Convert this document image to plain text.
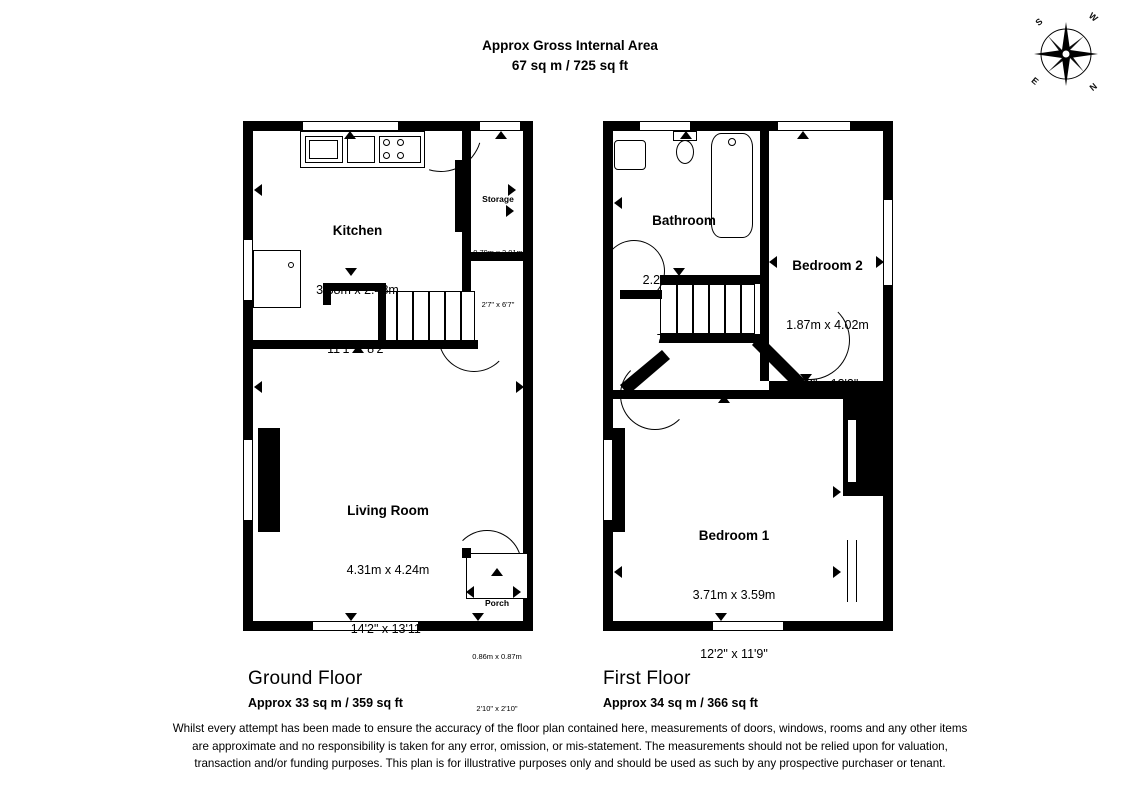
Approx Gross Internal Area
67 sq m / 725 sq ft
W
S
E
N

Kitchen

3.38m x 2.48m

11'1" x 8'2"

Storage

0.79m x 2.01m

2'7" x 6'7"

Living Room

4.31m x 4.24m

14'2" x 13'11"

Porch

0.86m x 0.87m

2'10" x 2'10"

Bathroom

2.28m x 2.45m

7'6" x 8'0"

Bedroom 2

1.87m x 4.02m

6'2" x 13'2"

Bedroom 1

3.71m x 3.59m

12'2" x 11'9"

Ground Floor
Approx 33 sq m / 359 sq ft
First Floor
Approx 34 sq m / 366 sq ft
Whilst every attempt has been made to ensure the accuracy of the floor plan contained here, measurements of doors, windows, rooms and any other items are approximate and no responsibility is taken for any error, omission, or mis-statement. The measurements should not be relied upon for valuation, transaction and/or funding purposes. This plan is for illustrative purposes only and should be used as such by any prospective purchaser or tenant.
